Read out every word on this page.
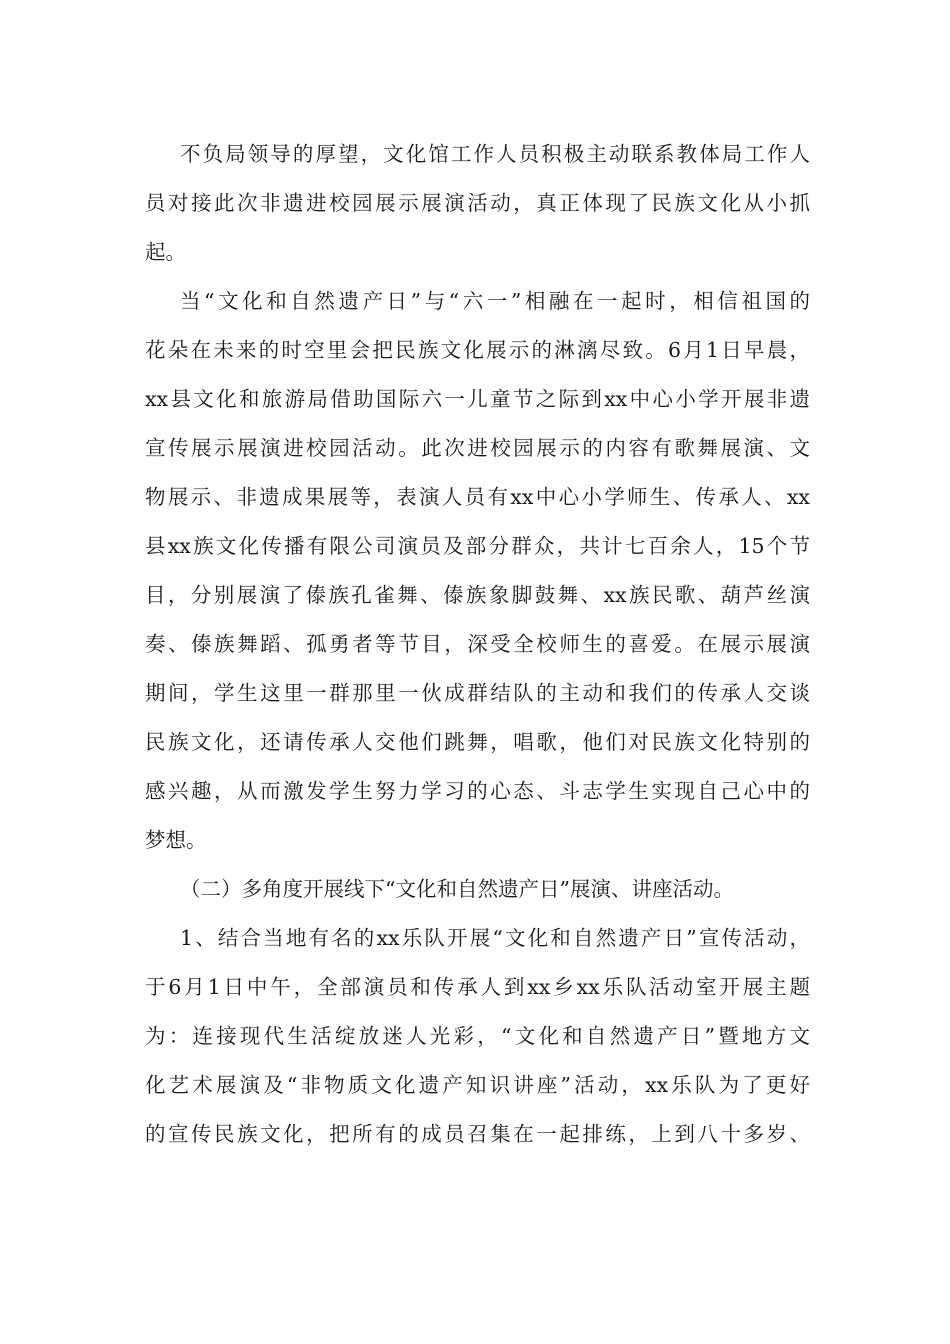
不负局领导的厚望，文化馆工作人员积极主动联系教体局工作人
员对接此次非遗进校园展示展演活动，真正体现了民族文化从小抓
起。
当“文化和自然遗产日”与“六一”相融在一起时，相信祖国的
花朵在未来的时空里会把民族文化展示的淋漓尽致。6月1日早晨，
xx县文化和旅游局借助国际六一儿童节之际到xx中心小学开展非遗
宣传展示展演进校园活动。此次进校园展示的内容有歌舞展演、文
物展示、非遗成果展等，表演人员有xx中心小学师生、传承人、xx
县xx族文化传播有限公司演员及部分群众，共计七百余人，15个节
目，分别展演了傣族孔雀舞、傣族象脚鼓舞、xx族民歌、葫芦丝演
奏、傣族舞蹈、孤勇者等节目，深受全校师生的喜爱。在展示展演
期间，学生这里一群那里一伙成群结队的主动和我们的传承人交谈
民族文化，还请传承人交他们跳舞，唱歌，他们对民族文化特别的
感兴趣，从而激发学生努力学习的心态、斗志学生实现自己心中的
梦想。
（二）多角度开展线下“文化和自然遗产日”展演、讲座活动。
1、结合当地有名的xx乐队开展“文化和自然遗产日”宣传活动，
于6月1日中午，全部演员和传承人到xx乡xx乐队活动室开展主题
为：连接现代生活绽放迷人光彩，“文化和自然遗产日”暨地方文
化艺术展演及“非物质文化遗产知识讲座”活动，xx乐队为了更好
的宣传民族文化，把所有的成员召集在一起排练，上到八十多岁、
